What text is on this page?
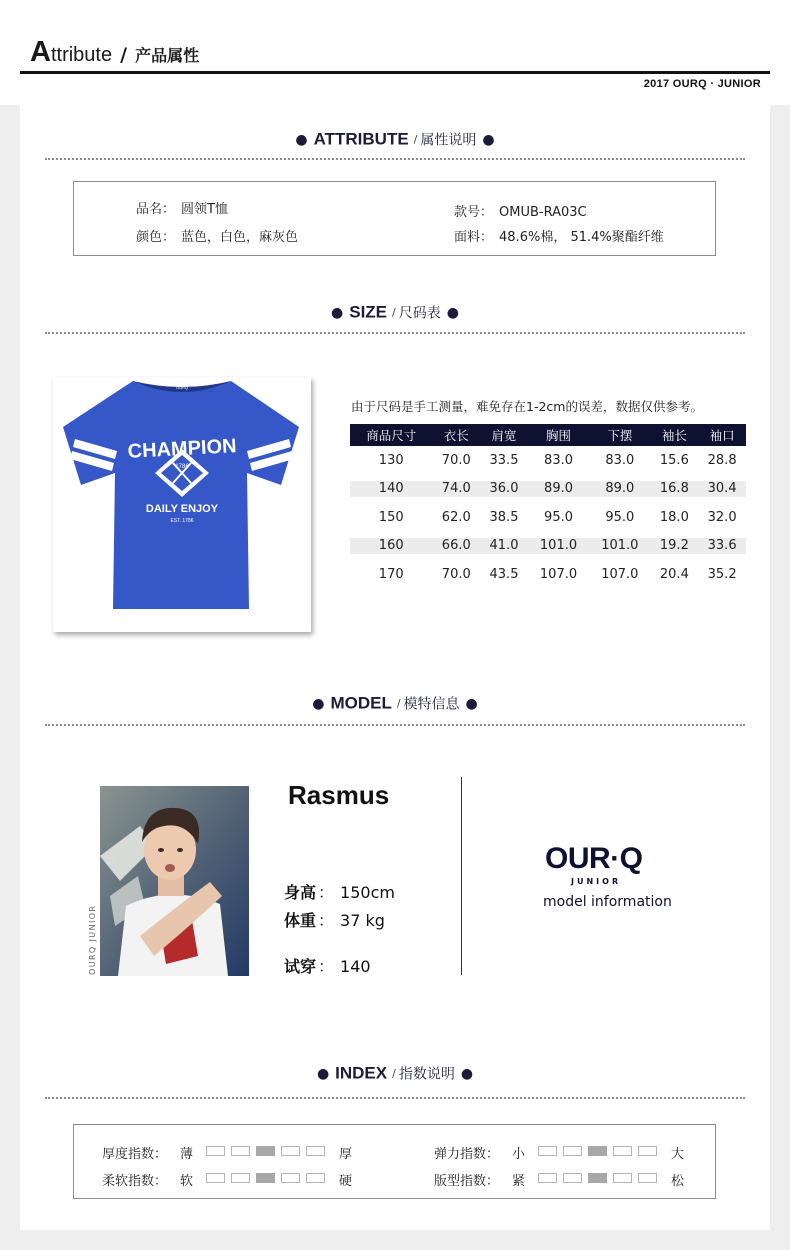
A ttribute / 产品属性
2017 OURQ · JUNIOR
● ATTRIBUTE / 属性说明 ●
品名： 圆领T恤	款号： OMUB-RA03C
颜色： 蓝色，白色，麻灰色	面料： 48.6%棉， 51.4%聚酯纤维
● SIZE / 尺码表 ●
CHAMPION
1786
DAILY ENJOY
EST. 1786
OURQ
由于尺码是手工测量，难免存在1-2cm的误差，数据仅供参考。
商品尺寸	衣长	肩宽	胸围	下摆	袖长	袖口
130	70.0	33.5	83.0	83.0	15.6	28.8
140	74.0	36.0	89.0	89.0	16.8	30.4
150	62.0	38.5	95.0	95.0	18.0	32.0
160	66.0	41.0	101.0	101.0	19.2	33.6
170	70.0	43.5	107.0	107.0	20.4	35.2
● MODEL / 模特信息 ●
OURQ JUNIOR
Rasmus
身高 ： 150cm
体重 ： 37 kg
试穿 ： 140
OUR·Q
JUNIOR
model information
● INDEX / 指数说明 ●
厚度指数： 薄	厚
柔软指数： 软	硬
弹力指数： 小	大
版型指数： 紧	松
